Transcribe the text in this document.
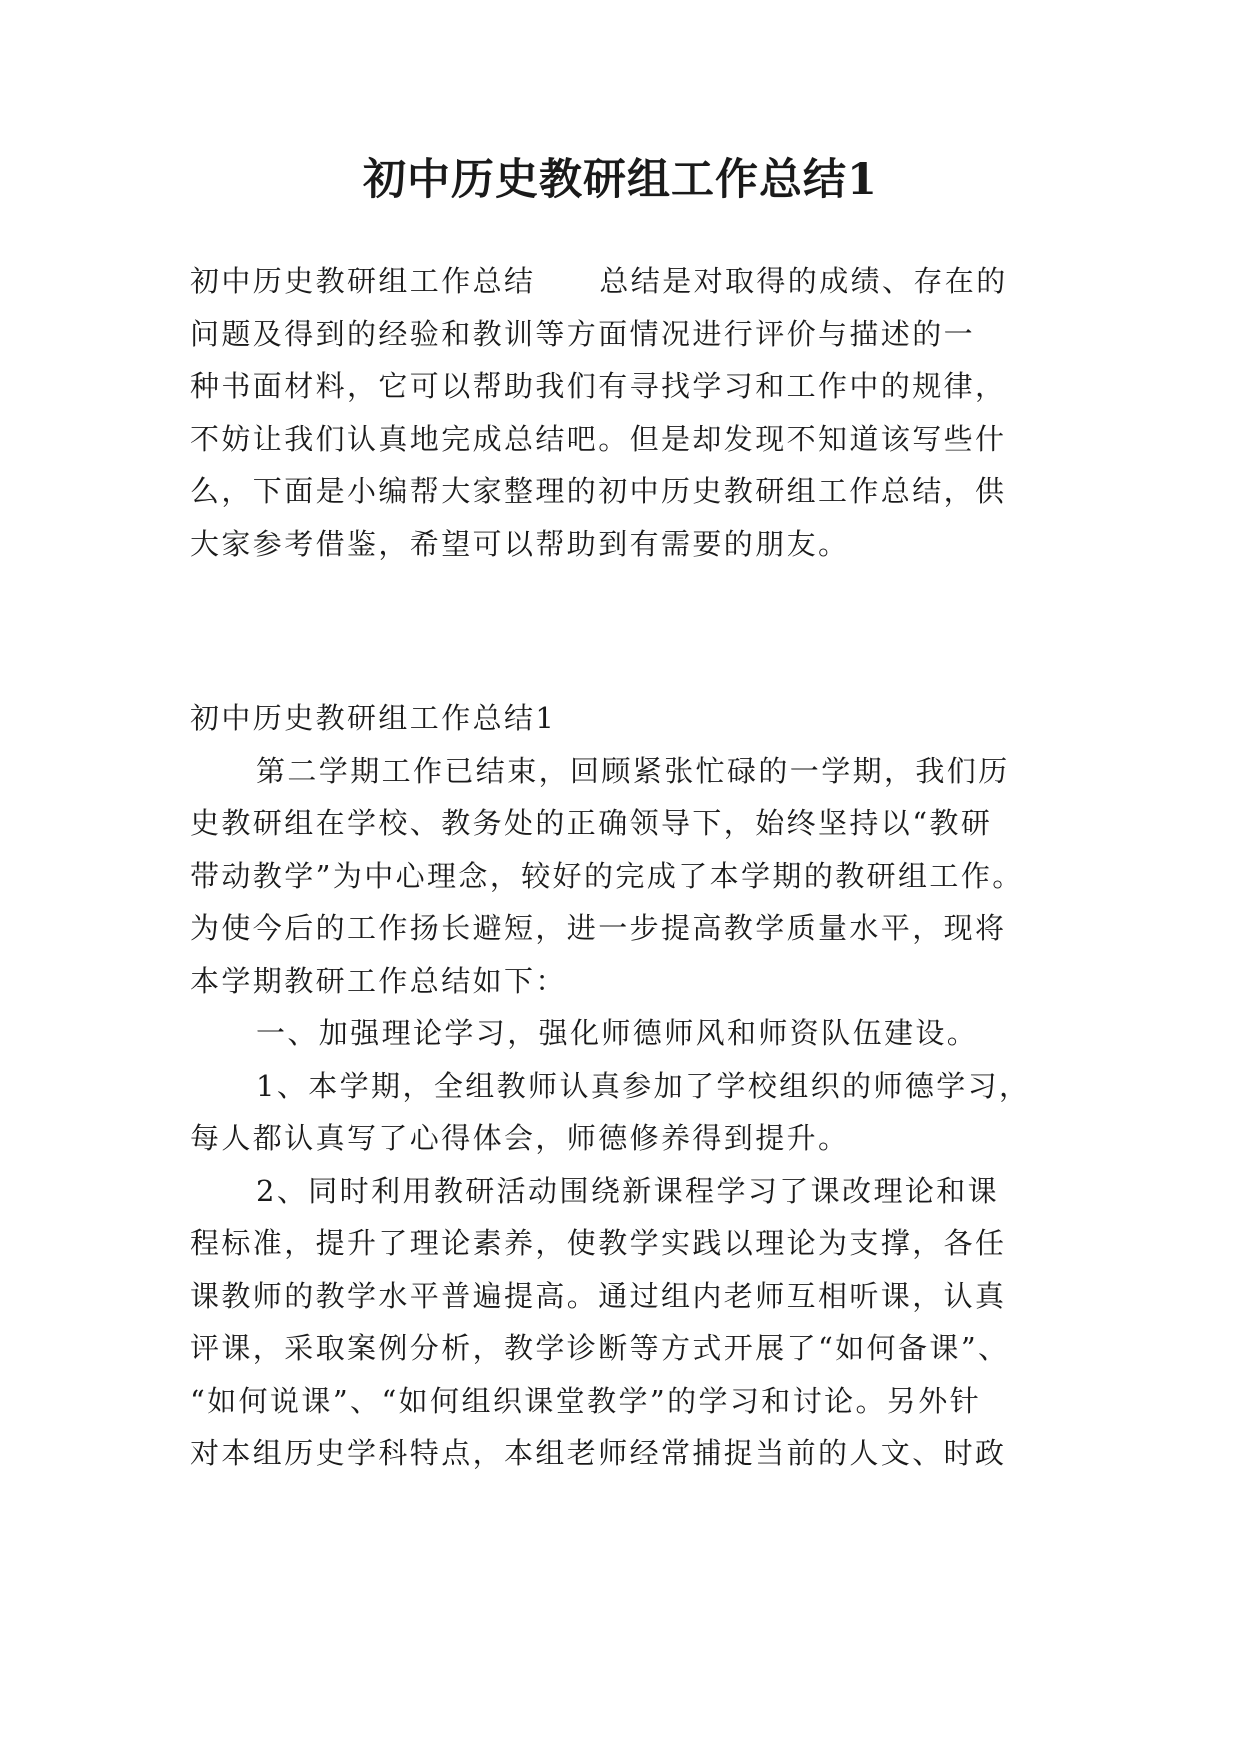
初中历史教研组工作总结1
初中历史教研组工作总结 总结是对取得的成绩、存在的
问题及得到的经验和教训等方面情况进行评价与描述的一
种书面材料，它可以帮助我们有寻找学习和工作中的规律，
不妨让我们认真地完成总结吧。但是却发现不知道该写些什
么，下面是小编帮大家整理的初中历史教研组工作总结，供
大家参考借鉴，希望可以帮助到有需要的朋友。
初中历史教研组工作总结1
第二学期工作已结束，回顾紧张忙碌的一学期，我们历
史教研组在学校、教务处的正确领导下，始终坚持以“教研
带动教学”为中心理念，较好的完成了本学期的教研组工作。
为使今后的工作扬长避短，进一步提高教学质量水平，现将
本学期教研工作总结如下：
一、加强理论学习，强化师德师风和师资队伍建设。
1、本学期，全组教师认真参加了学校组织的师德学习，
每人都认真写了心得体会，师德修养得到提升。
2、同时利用教研活动围绕新课程学习了课改理论和课
程标准，提升了理论素养，使教学实践以理论为支撑，各任
课教师的教学水平普遍提高。通过组内老师互相听课，认真
评课，采取案例分析，教学诊断等方式开展了“如何备课”、
“如何说课”、“如何组织课堂教学”的学习和讨论。另外针
对本组历史学科特点，本组老师经常捕捉当前的人文、时政
